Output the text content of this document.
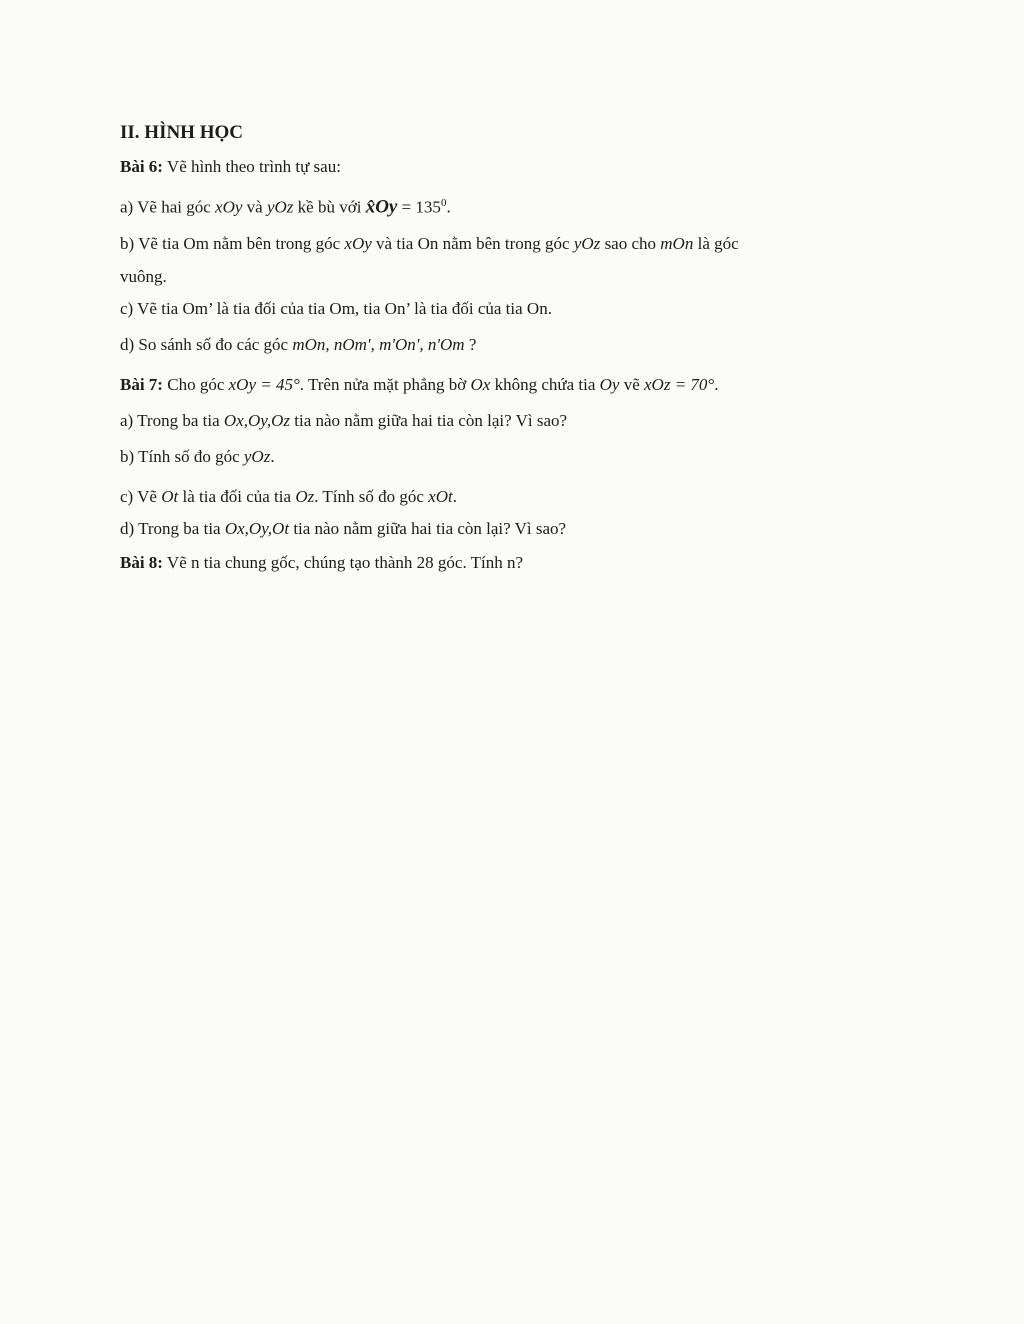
II. HÌNH HỌC
Bài 6: Vẽ hình theo trình tự sau:
a) Vẽ hai góc xOy và yOz kề bù với x̂Oy = $135^0$.
b) Vẽ tia Om nằm bên trong góc xOy và tia On nằm bên trong góc yOz sao cho mOn là góc
vuông.
c) Vẽ tia Om’ là tia đối của tia Om, tia On’ là tia đối của tia On.
d) So sánh số đo các góc mOn, nOm', m'On', n'Om ?
Bài 7: Cho góc xOy = 45°. Trên nửa mặt phẳng bờ Ox không chứa tia Oy vẽ xOz = 70°.
a) Trong ba tia Ox,Oy,Oz tia nào nằm giữa hai tia còn lại? Vì sao?
b) Tính số đo góc yOz.
c) Vẽ Ot là tia đối của tia Oz. Tính số đo góc xOt.
d) Trong ba tia Ox,Oy,Ot tia nào nằm giữa hai tia còn lại? Vì sao?
Bài 8: Vẽ n tia chung gốc, chúng tạo thành 28 góc. Tính n?
